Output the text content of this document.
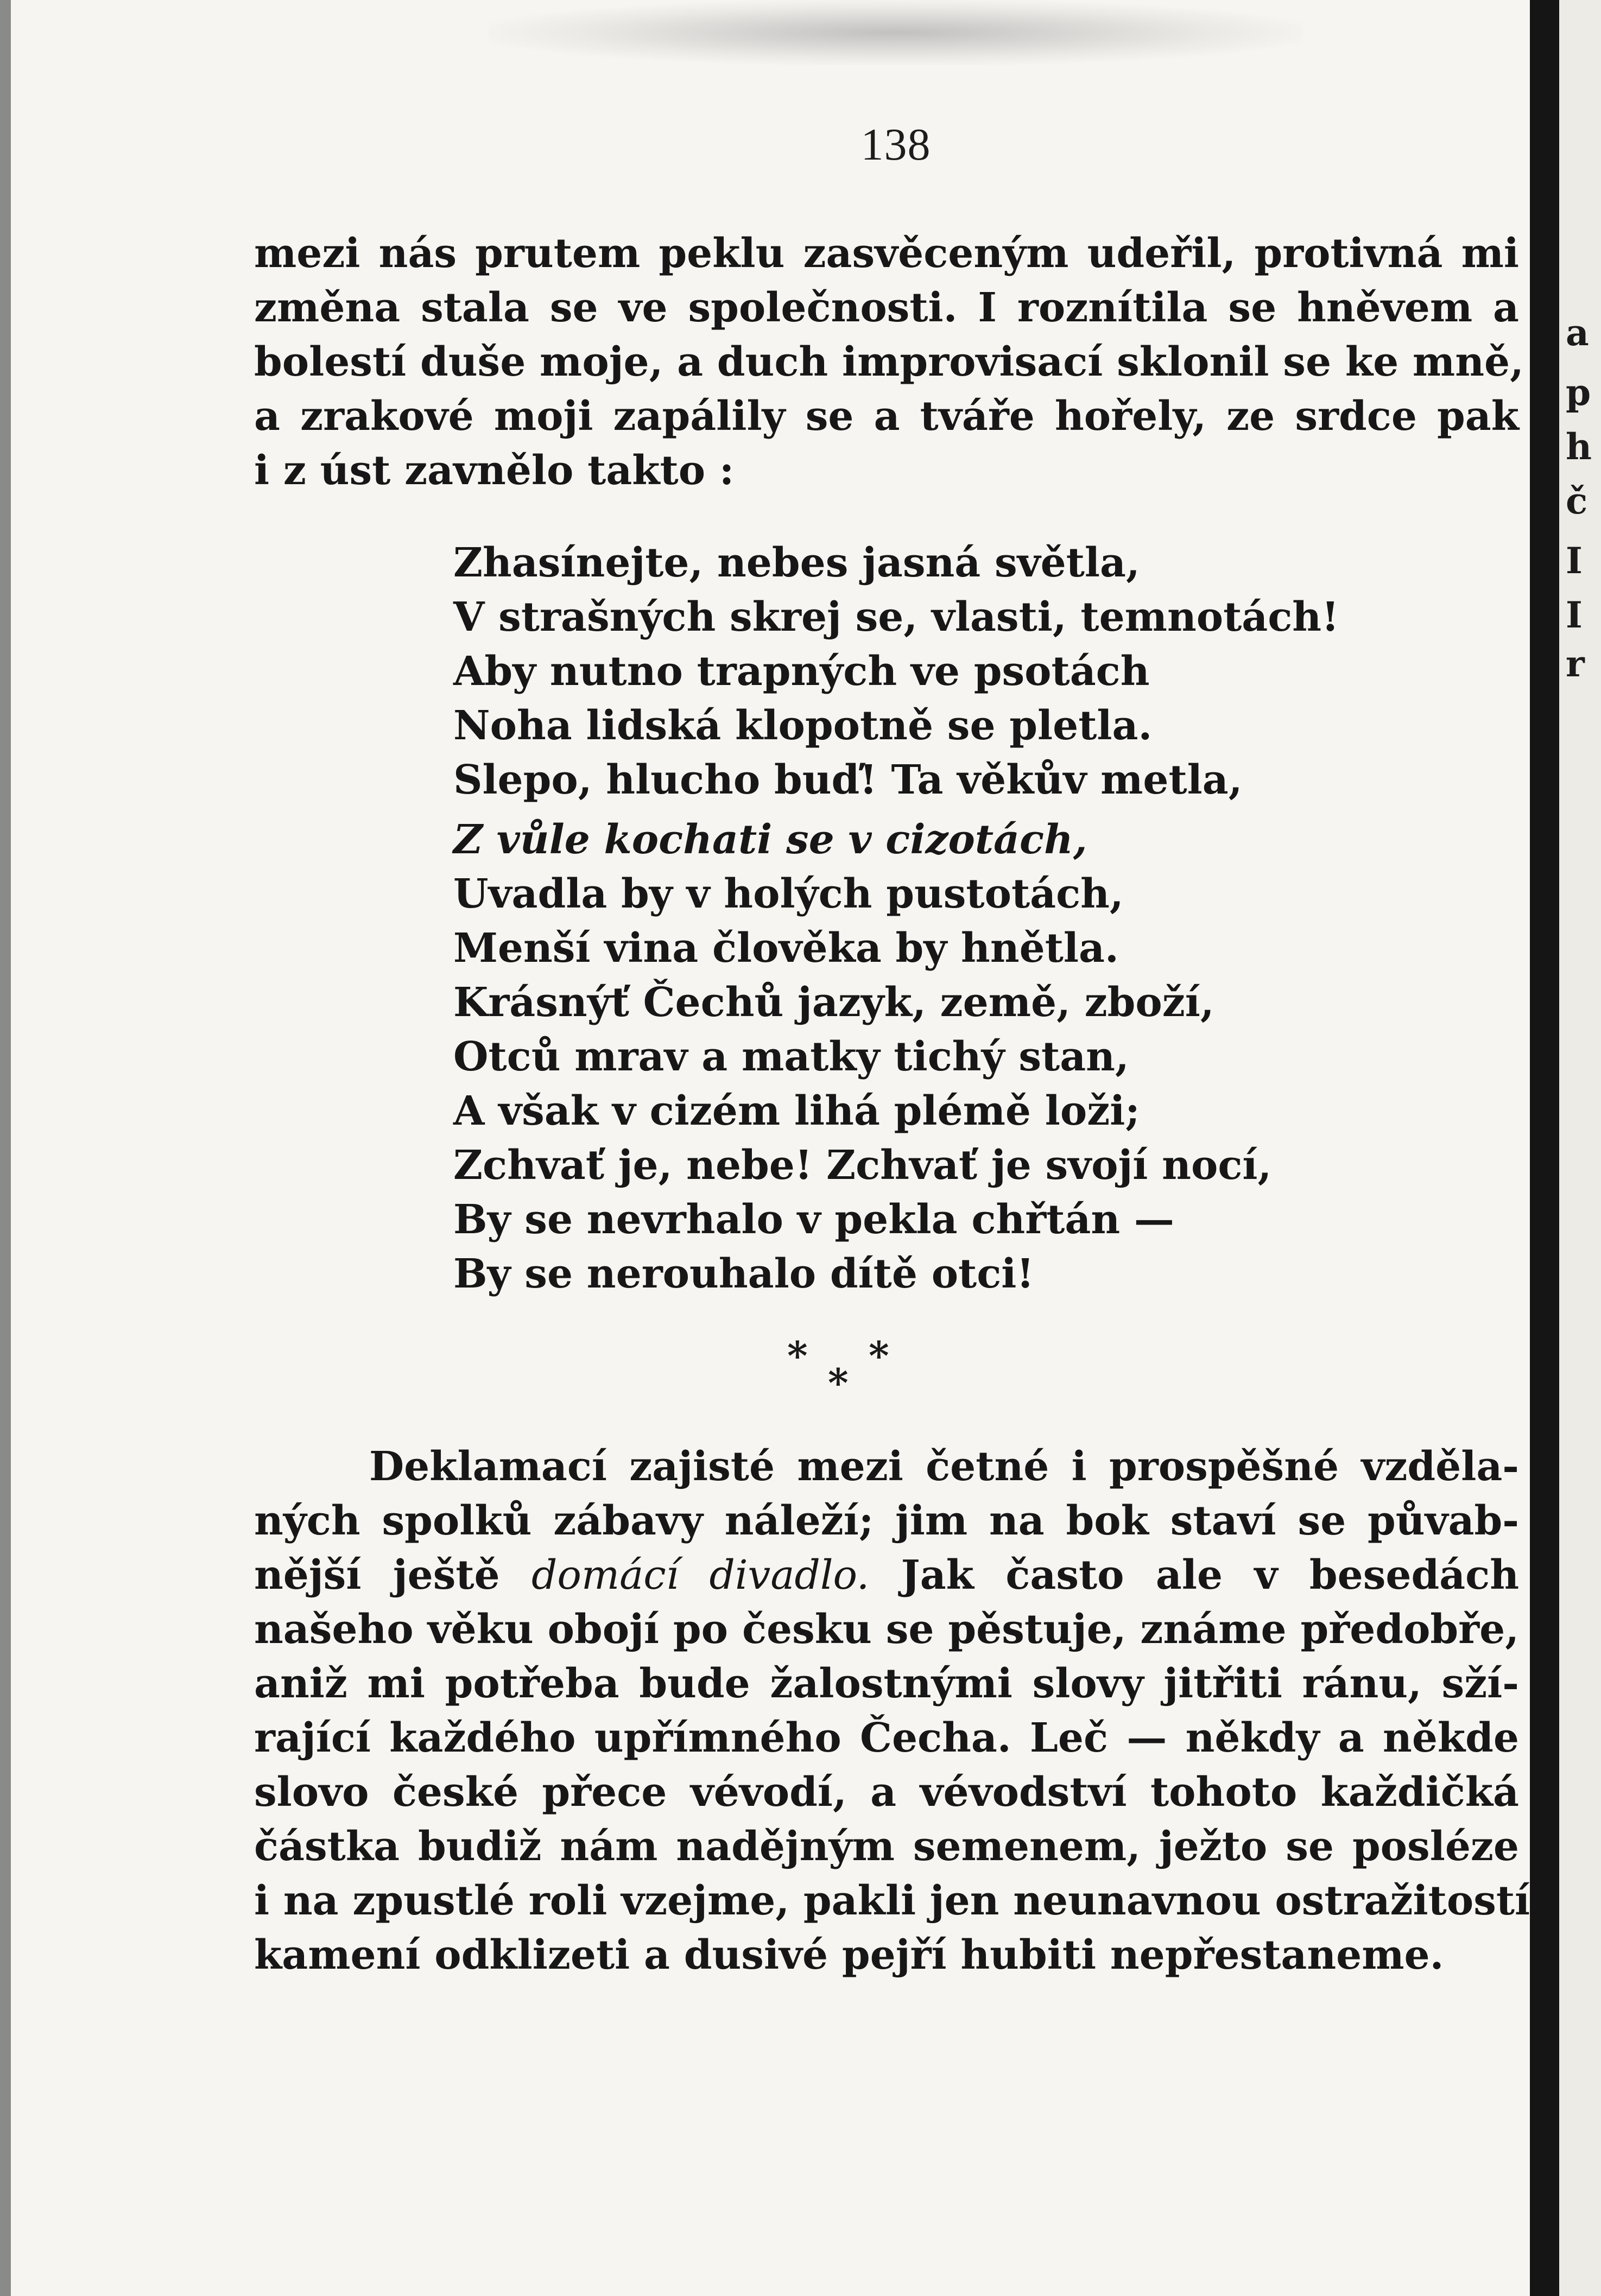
138
mezi nás prutem peklu zasvěceným udeřil, protivná mi
změna stala se ve společnosti. I roznítila se hněvem a
bolestí duše moje, a duch improvisací sklonil se ke mně,
a zrakové moji zapálily se a tváře hořely, ze srdce pak
i z úst zavnělo takto :
Zhasínejte, nebes jasná světla,
V strašných skrej se, vlasti, temnotách!
Aby nutno trapných ve psotách
Noha lidská klopotně se pletla.
Slepo, hlucho buď! Ta věkův metla,
Z vůle kochati se v cizotách,
Uvadla by v holých pustotách,
Menší vina člověka by hnětla.
Krásnýť Čechů jazyk, země, zboží,
Otců mrav a matky tichý stan,
A však v cizém lihá plémě loži;
Zchvať je, nebe! Zchvať je svojí nocí,
By se nevrhalo v pekla chřtán —
By se nerouhalo dítě otci!
*
*
*
Deklamací zajisté mezi četné i prospěšné vzděla-
ných spolků zábavy náleží; jim na bok staví se půvab-
nější ještě domácí divadlo. Jak často ale v besedách
našeho věku obojí po česku se pěstuje, známe předobře,
aniž mi potřeba bude žalostnými slovy jitřiti ránu, sží-
rající každého upřímného Čecha. Leč — někdy a někde
slovo české přece vévodí, a vévodství tohoto každičká
částka budiž nám nadějným semenem, ježto se posléze
i na zpustlé roli vzejme, pakli jen neunavnou ostražitostí
kamení odklizeti a dusivé pejří hubiti nepřestaneme.
a
p
h
č
I
I
r
